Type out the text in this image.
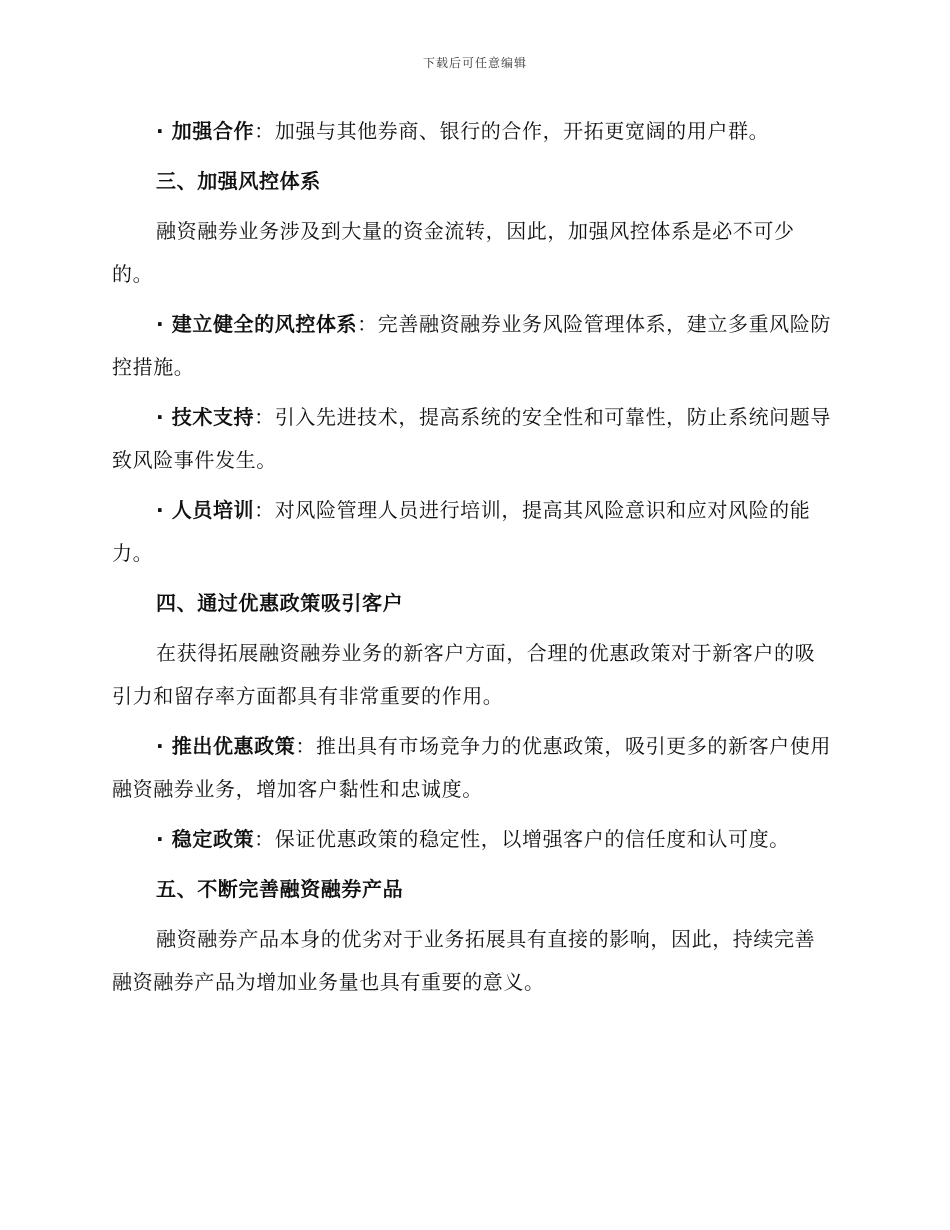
下载后可任意编辑

· 加强合作：加强与其他券商、银行的合作，开拓更宽阔的用户群。

三、加强风控体系

融资融券业务涉及到大量的资金流转，因此，加强风控体系是必不可少的。

· 建立健全的风控体系：完善融资融券业务风险管理体系，建立多重风险防控措施。

· 技术支持：引入先进技术，提高系统的安全性和可靠性，防止系统问题导致风险事件发生。

· 人员培训：对风险管理人员进行培训，提高其风险意识和应对风险的能力。

四、通过优惠政策吸引客户

在获得拓展融资融券业务的新客户方面，合理的优惠政策对于新客户的吸引力和留存率方面都具有非常重要的作用。

· 推出优惠政策：推出具有市场竞争力的优惠政策，吸引更多的新客户使用融资融券业务，增加客户黏性和忠诚度。

· 稳定政策：保证优惠政策的稳定性，以增强客户的信任度和认可度。

五、不断完善融资融券产品

融资融券产品本身的优劣对于业务拓展具有直接的影响，因此，持续完善融资融券产品为增加业务量也具有重要的意义。
